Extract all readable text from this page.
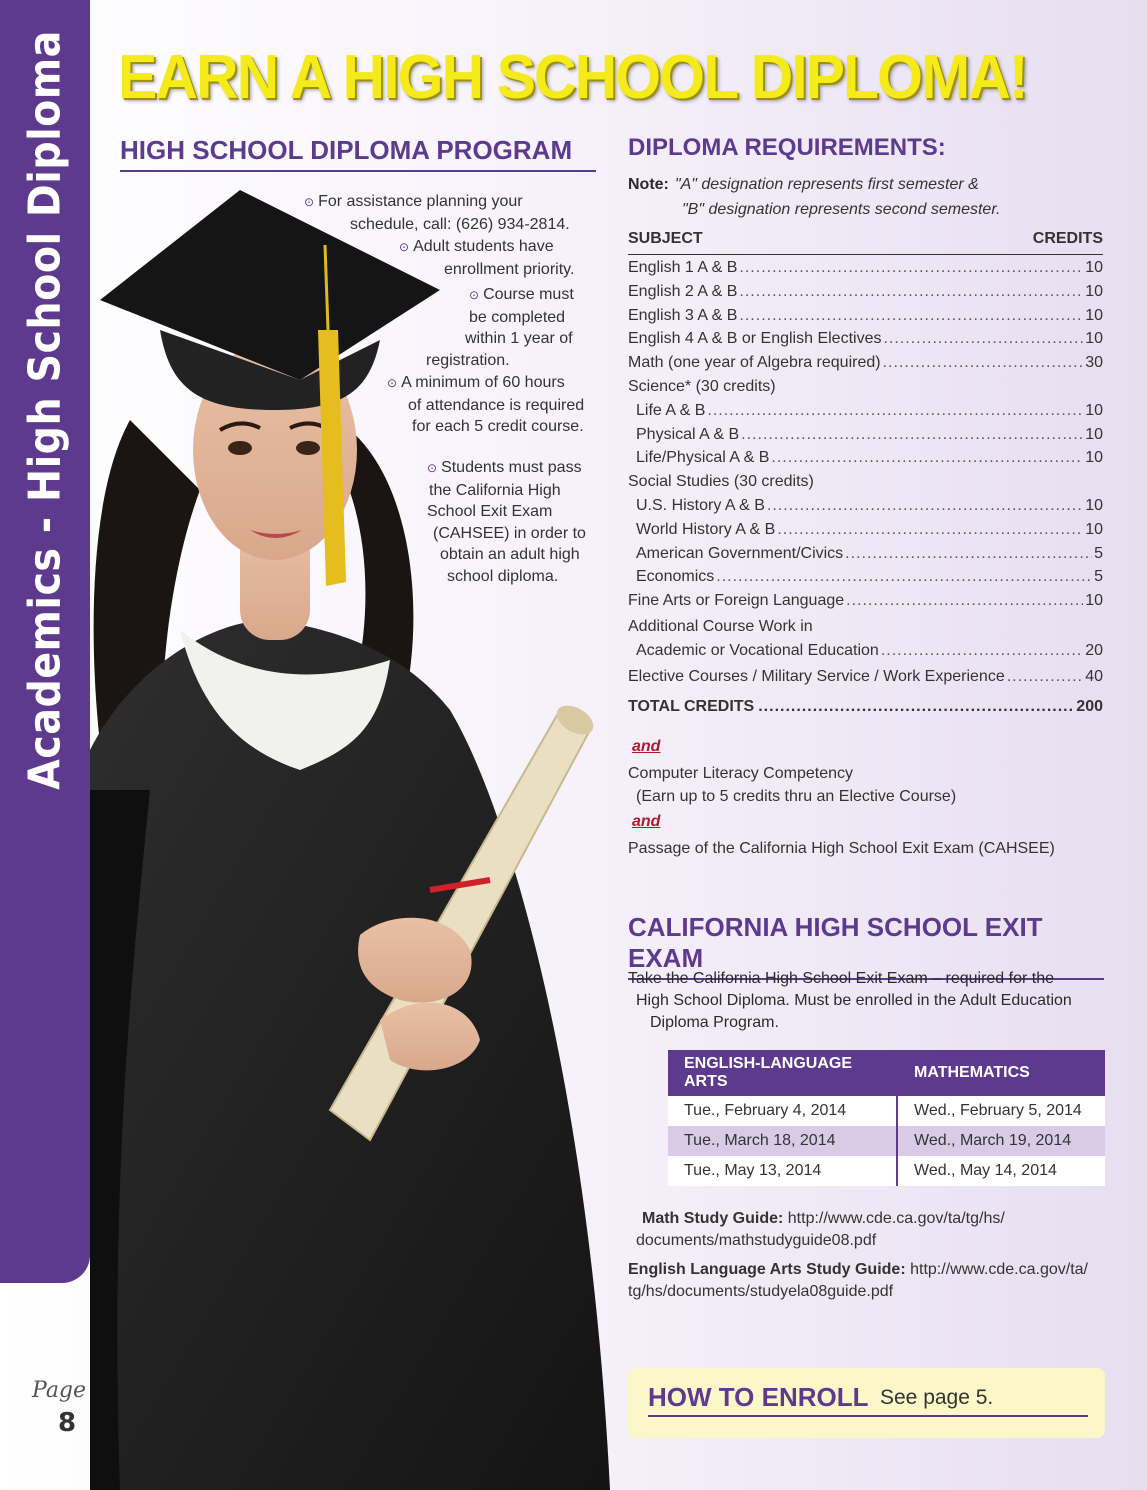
Academics - High School Diploma
Page
8
EARN A HIGH SCHOOL DIPLOMA!
HIGH SCHOOL DIPLOMA PROGRAM
⊙ For assistance planning your
schedule, call: (626) 934-2814.
⊙ Adult students have
enrollment priority.
⊙ Course must
be completed
within 1 year of
registration.
⊙ A minimum of 60 hours
of attendance is required
for each 5 credit course.
⊙ Students must pass
the California High
School Exit Exam
(CAHSEE) in order to
obtain an adult high
school diploma.
DIPLOMA REQUIREMENTS:
Note: "A" designation represents first semester &
"B" designation represents second semester.
SUBJECT	CREDITS
English 1 A & B .....	10
English 2 A & B .....	10
English 3 A & B .....	10
English 4 A & B or English Electives .....	10
Math (one year of Algebra required) .....	30
Science* (30 credits)
Life A & B .....	10
Physical A & B .....	10
Life/Physical A & B .....	10
Social Studies (30 credits)
U.S. History A & B .....	10
World History A & B .....	10
American Government/Civics .....	5
Economics .....	5
Fine Arts or Foreign Language .....	10
Additional Course Work in
Academic or Vocational Education .....	20
Elective Courses / Military Service / Work Experience .....	40
TOTAL CREDITS .....	200
and
Computer Literacy Competency
(Earn up to 5 credits thru an Elective Course)
and
Passage of the California High School Exit Exam (CAHSEE)
CALIFORNIA HIGH SCHOOL EXIT EXAM
Take the California High School Exit Exam – required for the
High School Diploma. Must be enrolled in the Adult Education
Diploma Program.
ENGLISH-LANGUAGE ARTS	MATHEMATICS
Tue., February 4, 2014	Wed., February 5, 2014
Tue., March 18, 2014	Wed., March 19, 2014
Tue., May 13, 2014	Wed., May 14, 2014
Math Study Guide: http://www.cde.ca.gov/ta/tg/hs/
documents/mathstudyguide08.pdf
English Language Arts Study Guide: http://www.cde.ca.gov/ta/
tg/hs/documents/studyela08guide.pdf
HOW TO ENROLL See page 5.
